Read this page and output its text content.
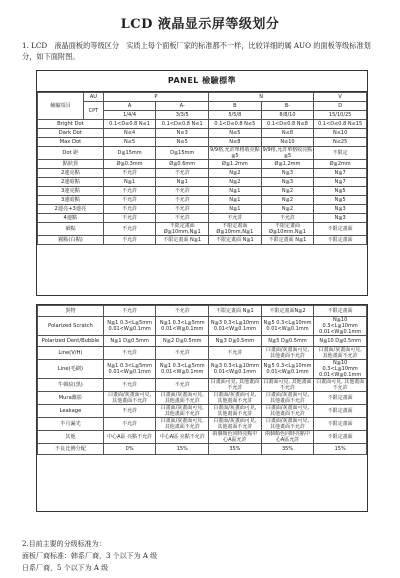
LCD 液晶显示屏等级划分
1. LCD　液晶面板的等级区分　实质上每个面板厂家的标准都不一样，比较详细的属 AUO 的面板等级标准划分，如下面附图。
PANEL 檢驗標準
檢驗項目	AU	P		N		V
	CPT	A	A-	B	B-	D
		1/4/4	3/3/5	5/5/8	8/8/10	15/10/25
Bright Dot		0.1<D≤0.8 N≤1	0.1<D≤0.8 N≤1	0.1<D≤0.8 N≤5	0.1<D≤0.8 N≤8	0.1<D≤0.8 N≤15
Dark Dot		N≤4	N≤3	N≤5	N≤8	N≤10
Max Dot		N≤5	N≤5	N≤8	N≤10	N≤25
Dot 距		D≧15mm	D≧15mm	9/9格,允許單格收亮點≦5	9/9格,允許單格收亮點≦5	不限定
點狀異		Ø≦0.3mm	Ø≦0.6mm	Ø≦1.2mm	Ø≦1.2mm	Ø≦2mm
2連亮點		不允許	不允許	N≦2	N≦3	N≦7
2連暗點		N≦1	N≦1	N≦2	N≦3	N≦7
3連亮點		不允許	不允許	N≦1	N≦2	N≦5
3連暗點		不允許	不允許	N≦1	N≦2	N≦5
2連亮+3連亮		不允許	不允許	N≦1	N≦2	N≦3
4連點		不允許	不允許	不允許	不允許	N≦3
暈點		不允許	不限定畫面 Ø≦10mm,N≦1	不限定畫面 Ø≦10mm,N≦1	不限定畫面 Ø≦10mm,N≦1	不限定畫面
霧點(白點)		不允許	不限定畫面 N≦1	不限定畫面 N≦1	不限定畫面 N≦1	不限定畫面
異物	不允許	不允許	不限定畫面 N≦1	不限定畫面N≦2	不限定畫面
Polarized Scratch	N≦1 0.3<L≦5mm 0.01<W≦0.1mm	N≦1 0.3<L≦5mm 0.01<W≦0.1mm	N≦3 0.3<L≦10mm 0.01<W≦0.1mm	N≦5 0.3<L≦10mm 0.01<W≦0.1mm	N≦10 0.3<L≦10mm 0.01<W≦0.1mm
Polarized Dent/Bubble	N≦1 D≦0.5mm	N≦2 D≦0.5mm	N≦3 D≦0.5mm	N≦5 D≦0.5mm	N≦10 D≦0.5mm
Line(V/H)	不允許	不允許	不允許	白畫面/灰畫面可見, 其他畫面不允許	白畫面/灰畫面可見, 其他畫面不允許
Line(毛刷)	N≦1 0.3<L≦5mm 0.01<W≦0.1mm	N≦1 0.3<L≦5mm 0.01<W≦0.1mm	N≦3 0.3<L≦10mm 0.01<W≦0.1mm	N≦5 0.3<L≦10mm 0.01<W≦0.1mm	N≦10 0.3<L≦10mm 0.01<W≦0.1mm
牛頓紋(黑)	不允許	不允許	白畫面可見, 其他畫面不允許	白畫面可見, 其他畫面不允許	白畫面可見, 其他畫面不允許
Mura錐影	白畫面/灰畫面可見, 其他畫面不允許	白畫面/灰畫面可見, 其他畫面不允許	白畫面/灰畫面可見, 其他畫面不允許	白畫面/灰畫面可見, 其他畫面不允許	不限定畫面
Leakage	不允許	白畫面/灰畫面可見, 其他畫面不允許	白畫面/灰畫面可見, 其他畫面不允許	白畫面/灰畫面可見, 其他畫面不允許	不限定畫面
半月漏光	不允許	白畫面/灰畫面可見, 其他畫面不允許	白畫面/灰畫面可見, 其他畫面不允許	白畫面/灰畫面可見, 其他畫面不允許	不限定畫面
其他	中心A區 亮點不允許	中心A區 亮點不允許	兩個顏色同時亮點中心A區允許	兩個顏色同時亮點中心A區允許	不限定畫面
不良比例分配	0%	15%	35%	35%	15%
2.目前主要的分级标准为：
面板厂商标准：韩系厂商，3 个以下为 A 级
日系厂商，5 个以下为 A 级
